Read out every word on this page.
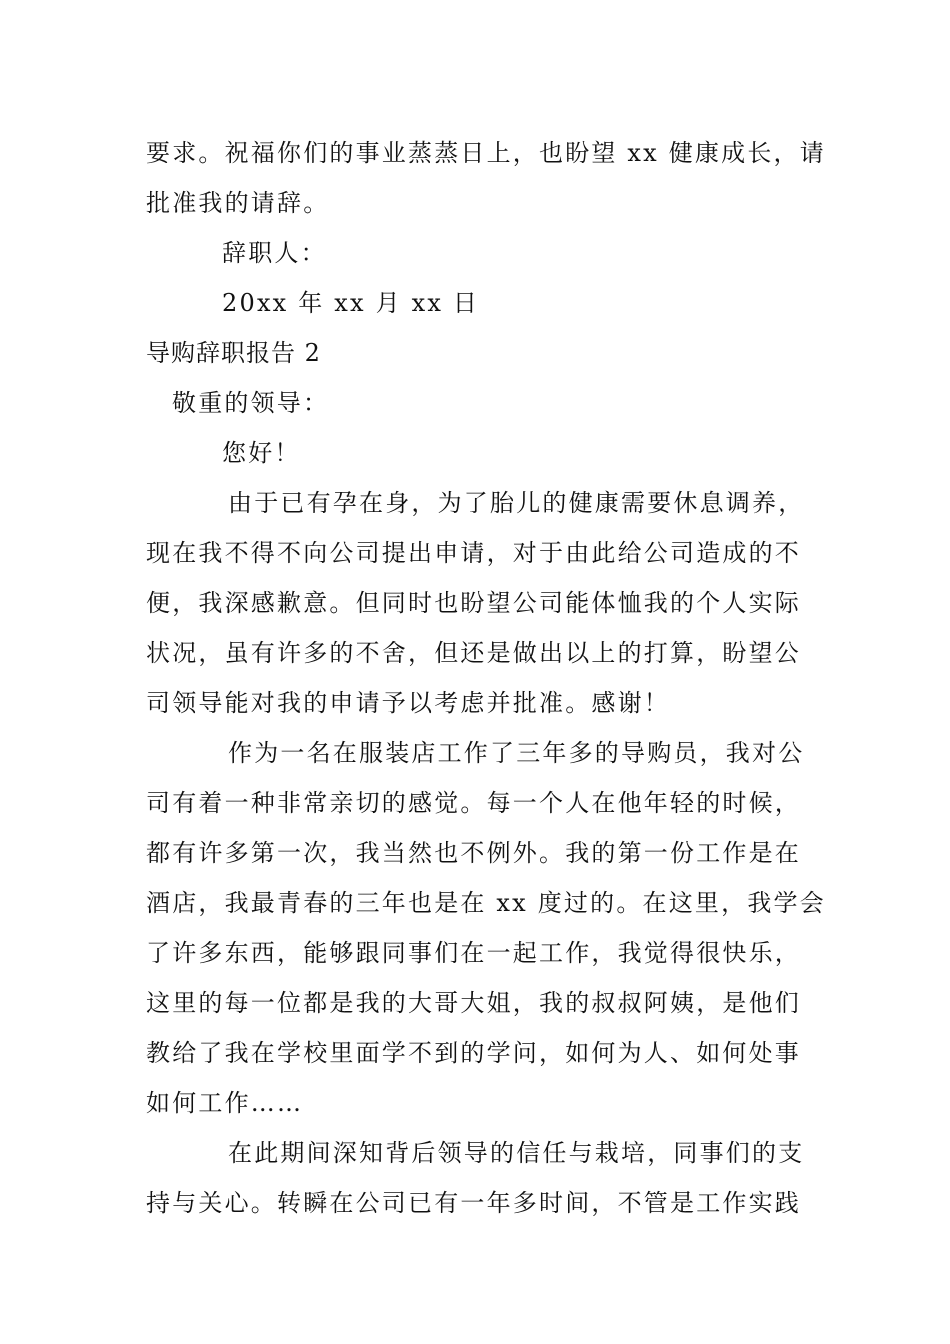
要求。祝福你们的事业蒸蒸日上，也盼望 xx 健康成长，请
批准我的请辞。
辞职人：
20xx 年 xx 月 xx 日
导购辞职报告 2
敬重的领导：
您好！
由于已有孕在身，为了胎儿的健康需要休息调养，
现在我不得不向公司提出申请，对于由此给公司造成的不
便，我深感歉意。但同时也盼望公司能体恤我的个人实际
状况，虽有许多的不舍，但还是做出以上的打算，盼望公
司领导能对我的申请予以考虑并批准。感谢！
作为一名在服装店工作了三年多的导购员，我对公
司有着一种非常亲切的感觉。每一个人在他年轻的时候，
都有许多第一次，我当然也不例外。我的第一份工作是在
酒店，我最青春的三年也是在 xx 度过的。在这里，我学会
了许多东西，能够跟同事们在一起工作，我觉得很快乐，
这里的每一位都是我的大哥大姐，我的叔叔阿姨，是他们
教给了我在学校里面学不到的学问，如何为人、如何处事
如何工作……
在此期间深知背后领导的信任与栽培，同事们的支
持与关心。转瞬在公司已有一年多时间，不管是工作实践
